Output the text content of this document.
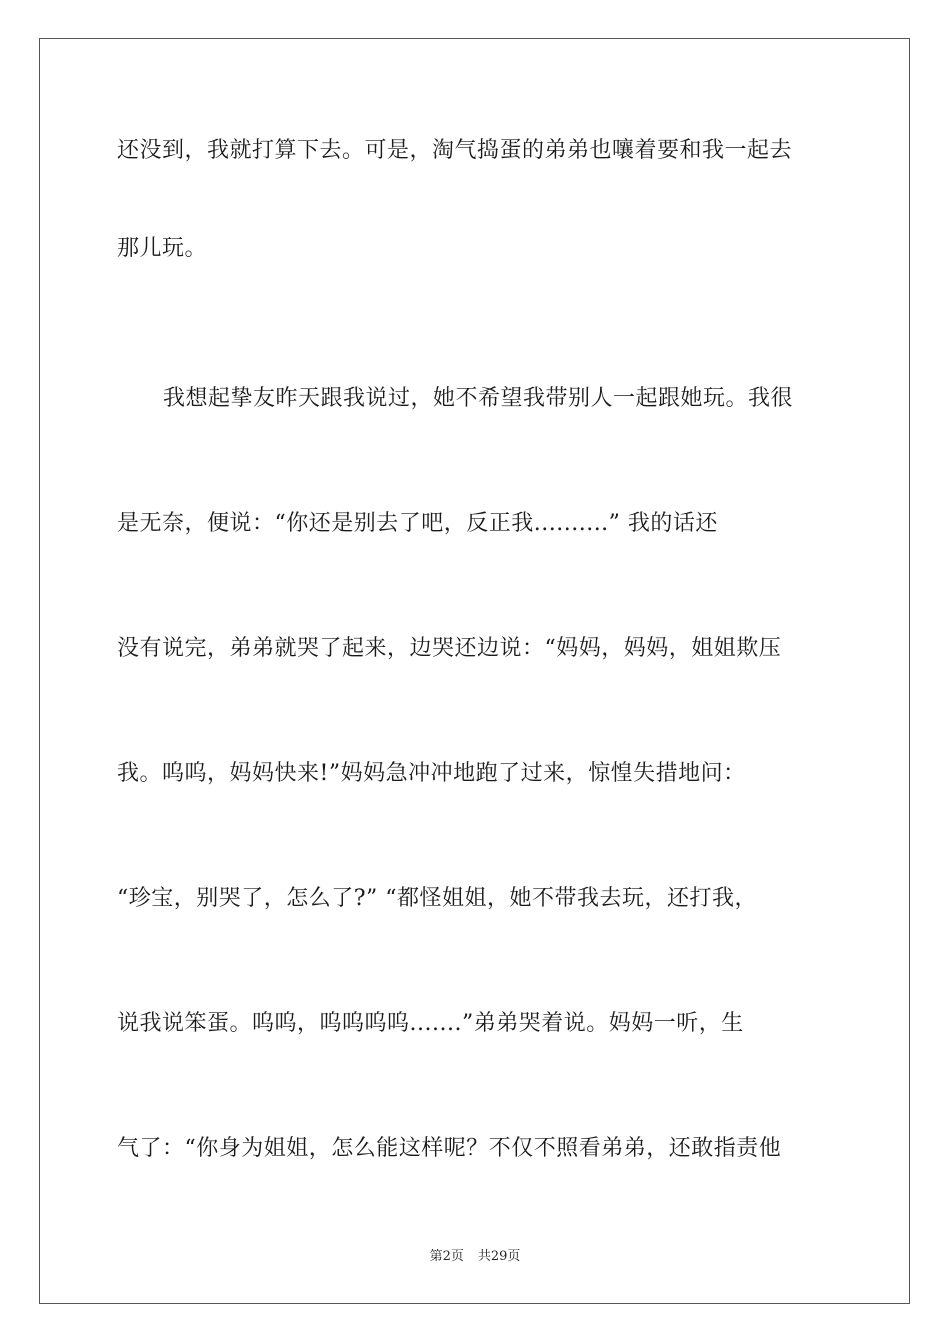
还没到，我就打算下去。可是，淘气捣蛋的弟弟也嚷着要和我一起去
那儿玩。
我想起挚友昨天跟我说过，她不希望我带别人一起跟她玩。我很
是无奈，便说：“你还是别去了吧，反正我..........” 我的话还
没有说完，弟弟就哭了起来，边哭还边说：“妈妈，妈妈，姐姐欺压
我。呜呜，妈妈快来!”妈妈急冲冲地跑了过来，惊惶失措地问：
“珍宝，别哭了，怎么了?” “都怪姐姐，她不带我去玩，还打我，
说我说笨蛋。呜呜，呜呜呜呜.......”弟弟哭着说。妈妈一听，生
气了：“你身为姐姐，怎么能这样呢？不仅不照看弟弟，还敢指责他
第2页 共29页
